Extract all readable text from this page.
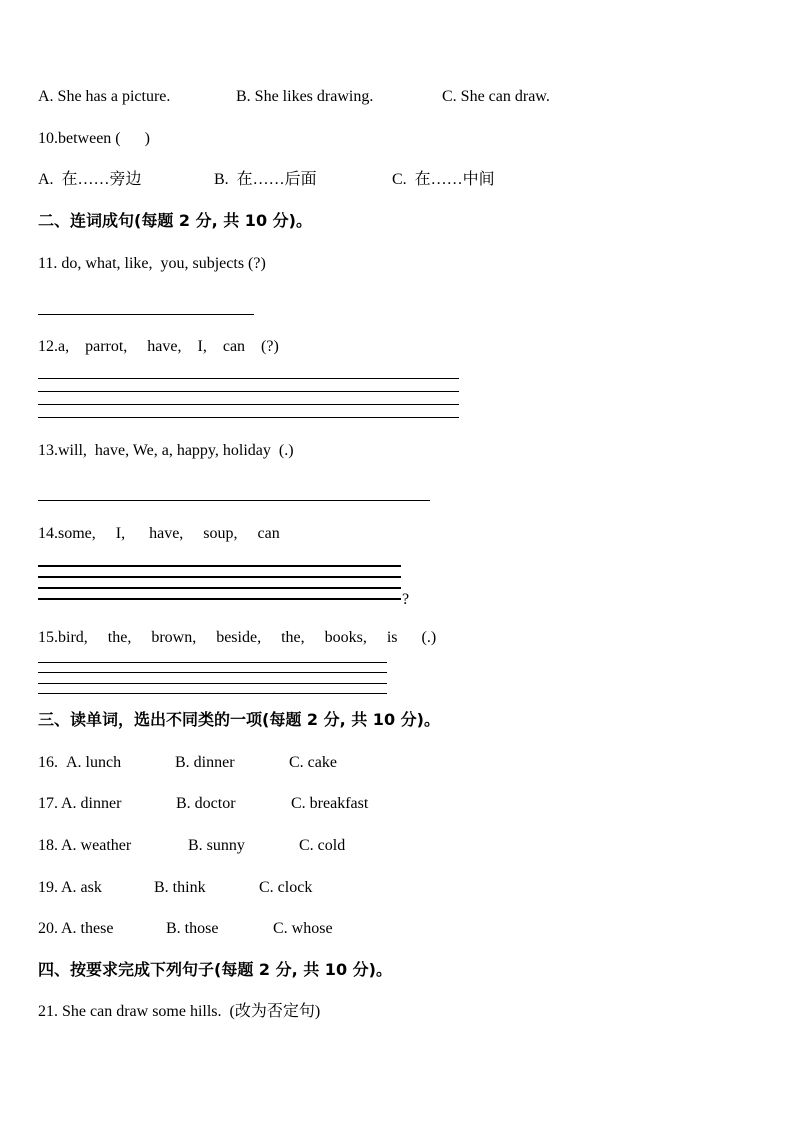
A. She has a picture.	B. She likes drawing.	C. She can draw.
10.between (      )
A.  在……旁边	B.  在……后面	C.  在……中间
二、连词成句(每题 2 分, 共 10 分)。
11. do, what, like,  you, subjects (?)
12.a,    parrot,     have,    I,    can    (?)
13.will,  have, We, a, happy, holiday  (.)
14.some,     I,      have,     soup,     can
?
15.bird,     the,     brown,     beside,     the,     books,     is      (.)
三、读单词，选出不同类的一项(每题 2 分, 共 10 分)。
16. A. lunch	B. dinner	C. cake
17. A. dinner	B. doctor	C. breakfast
18. A. weather	B. sunny	C. cold
19. A. ask	B. think	C. clock
20. A. these	B. those	C. whose
四、按要求完成下列句子(每题 2 分, 共 10 分)。
21. She can draw some hills.  (改为否定句)
